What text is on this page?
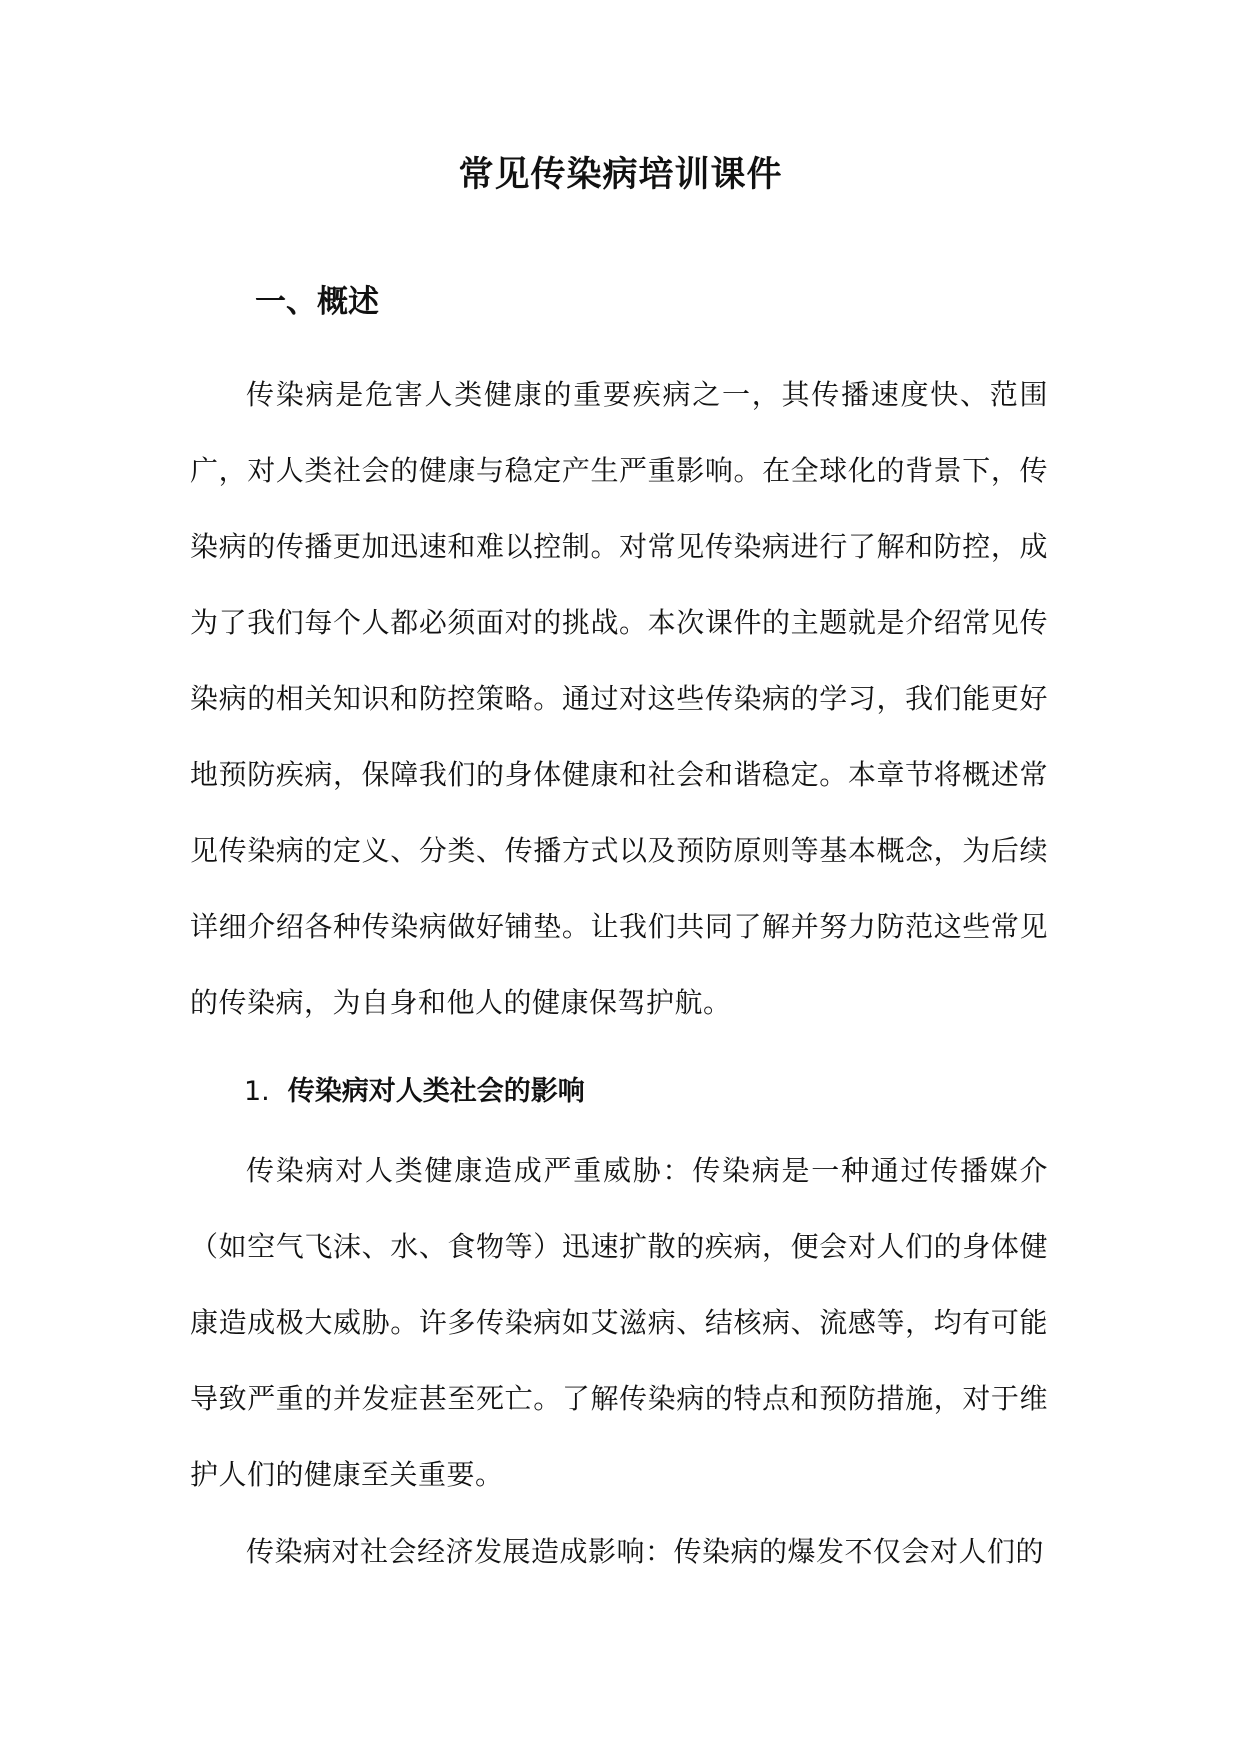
常见传染病培训课件
一、概述

传染病是危害人类健康的重要疾病之一，其传播速度快、范围广，对人类社会的健康与稳定产生严重影响。在全球化的背景下，传染病的传播更加迅速和难以控制。对常见传染病进行了解和防控，成为了我们每个人都必须面对的挑战。本次课件的主题就是介绍常见传染病的相关知识和防控策略。通过对这些传染病的学习，我们能更好地预防疾病，保障我们的身体健康和社会和谐稳定。本章节将概述常见传染病的定义、分类、传播方式以及预防原则等基本概念，为后续详细介绍各种传染病做好铺垫。让我们共同了解并努力防范这些常见的传染病，为自身和他人的健康保驾护航。

1. 传染病对人类社会的影响

传染病对人类健康造成严重威胁：传染病是一种通过传播媒介（如空气飞沫、水、食物等）迅速扩散的疾病，便会对人们的身体健康造成极大威胁。许多传染病如艾滋病、结核病、流感等，均有可能导致严重的并发症甚至死亡。了解传染病的特点和预防措施，对于维护人们的健康至关重要。

传染病对社会经济发展造成影响：传染病的爆发不仅会对人们的
